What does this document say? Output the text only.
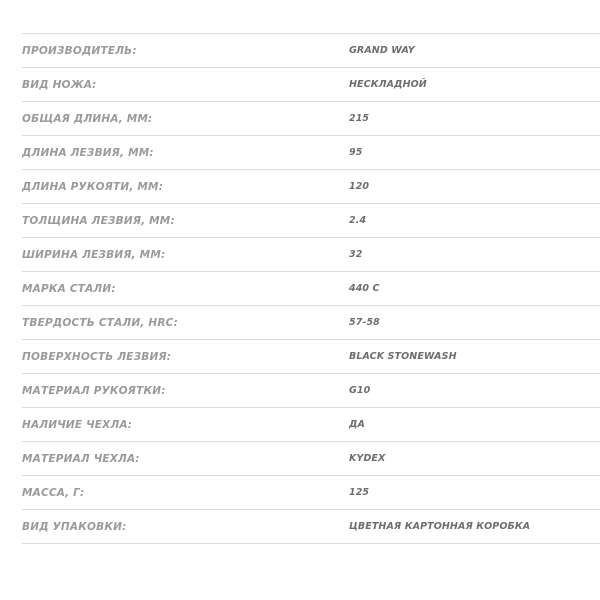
ПРОИЗВОДИТЕЛЬ:	GRAND WAY
ВИД НОЖА:	НЕСКЛАДНОЙ
ОБЩАЯ ДЛИНА, ММ:	215
ДЛИНА ЛЕЗВИЯ, ММ:	95
ДЛИНА РУКОЯТИ, ММ:	120
ТОЛЩИНА ЛЕЗВИЯ, ММ:	2.4
ШИРИНА ЛЕЗВИЯ, ММ:	32
МАРКА СТАЛИ:	440 C
ТВЕРДОСТЬ СТАЛИ, HRC:	57-58
ПОВЕРХНОСТЬ ЛЕЗВИЯ:	BLACK STONEWASH
МАТЕРИАЛ РУКОЯТКИ:	G10
НАЛИЧИЕ ЧЕХЛА:	ДА
МАТЕРИАЛ ЧЕХЛА:	KYDEX
МАССА, Г:	125
ВИД УПАКОВКИ:	ЦВЕТНАЯ КАРТОННАЯ КОРОБКА
